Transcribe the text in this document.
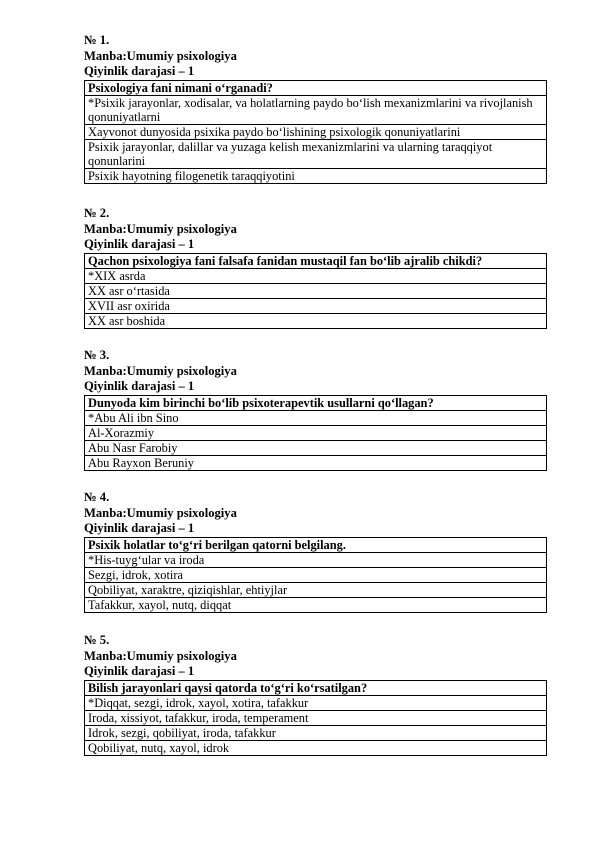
№ 1.
Manba:Umumiy psixologiya
Qiyinlik darajasi – 1
Psixologiya fani nimani o‘rganadi?
*Psixik jarayonlar, xodisalar, va holatlarning paydo bo‘lish mexanizmlarini va rivojlanish qonuniyatlarni
Xayvonot dunyosida psixika paydo bo‘lishining psixologik qonuniyatlarini
Psixik jarayonlar, dalillar va yuzaga kelish mexanizmlarini va ularning taraqqiyot qonunlarini
Psixik hayotning filogenetik taraqqiyotini
№ 2.
Manba:Umumiy psixologiya
Qiyinlik darajasi – 1
Qachon psixologiya fani falsafa fanidan mustaqil fan bo‘lib ajralib chikdi?
*XIX asrda
XX asr o‘rtasida
XVII asr oxirida
XX asr boshida
№ 3.
Manba:Umumiy psixologiya
Qiyinlik darajasi – 1
Dunyoda kim birinchi bo‘lib psixoterapevtik usullarni qo‘llagan?
*Abu Ali ibn Sino
Al-Xorazmiy
Abu Nasr Farobiy
Abu Rayxon Beruniy
№ 4.
Manba:Umumiy psixologiya
Qiyinlik darajasi – 1
Psixik holatlar to‘g‘ri berilgan qatorni belgilang.
*His-tuyg‘ular va iroda
Sezgi, idrok, xotira
Qobiliyat, xaraktre, qiziqishlar, ehtiyjlar
Tafakkur, xayol, nutq, diqqat
№ 5.
Manba:Umumiy psixologiya
Qiyinlik darajasi – 1
Bilish jarayonlari qaysi qatorda to‘g‘ri ko‘rsatilgan?
*Diqqat, sezgi, idrok, xayol, xotira, tafakkur
Iroda, xissiyot, tafakkur, iroda, temperament
Idrok, sezgi, qobiliyat, iroda, tafakkur
Qobiliyat, nutq, xayol, idrok
